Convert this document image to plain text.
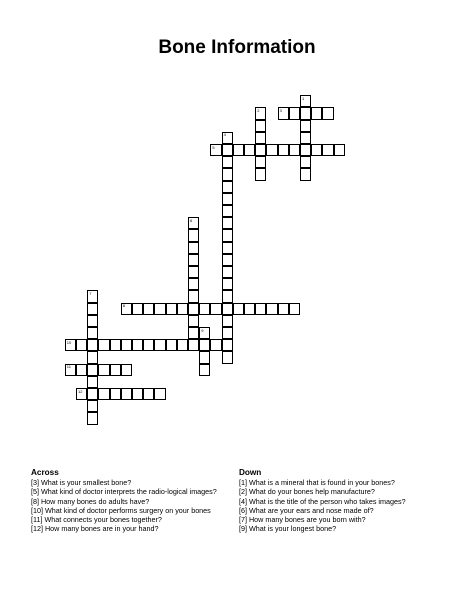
Bone Information
3
5
8
10
11
12
1
2
4
6
7
9
Across
[3] What is your smallest bone?
[5] What kind of doctor interprets the radio-logical images?
[8] How many bones do adults have?
[10] What kind of doctor performs surgery on your bones
[11] What connects your bones together?
[12] How many bones are in your hand?
Down
[1] What is a mineral that is found in your bones?
[2] What do your bones help manufacture?
[4] What is the title of the person who takes images?
[6] What are your ears and nose made of?
[7] How many bones are you born with?
[9] What is your longest bone?
